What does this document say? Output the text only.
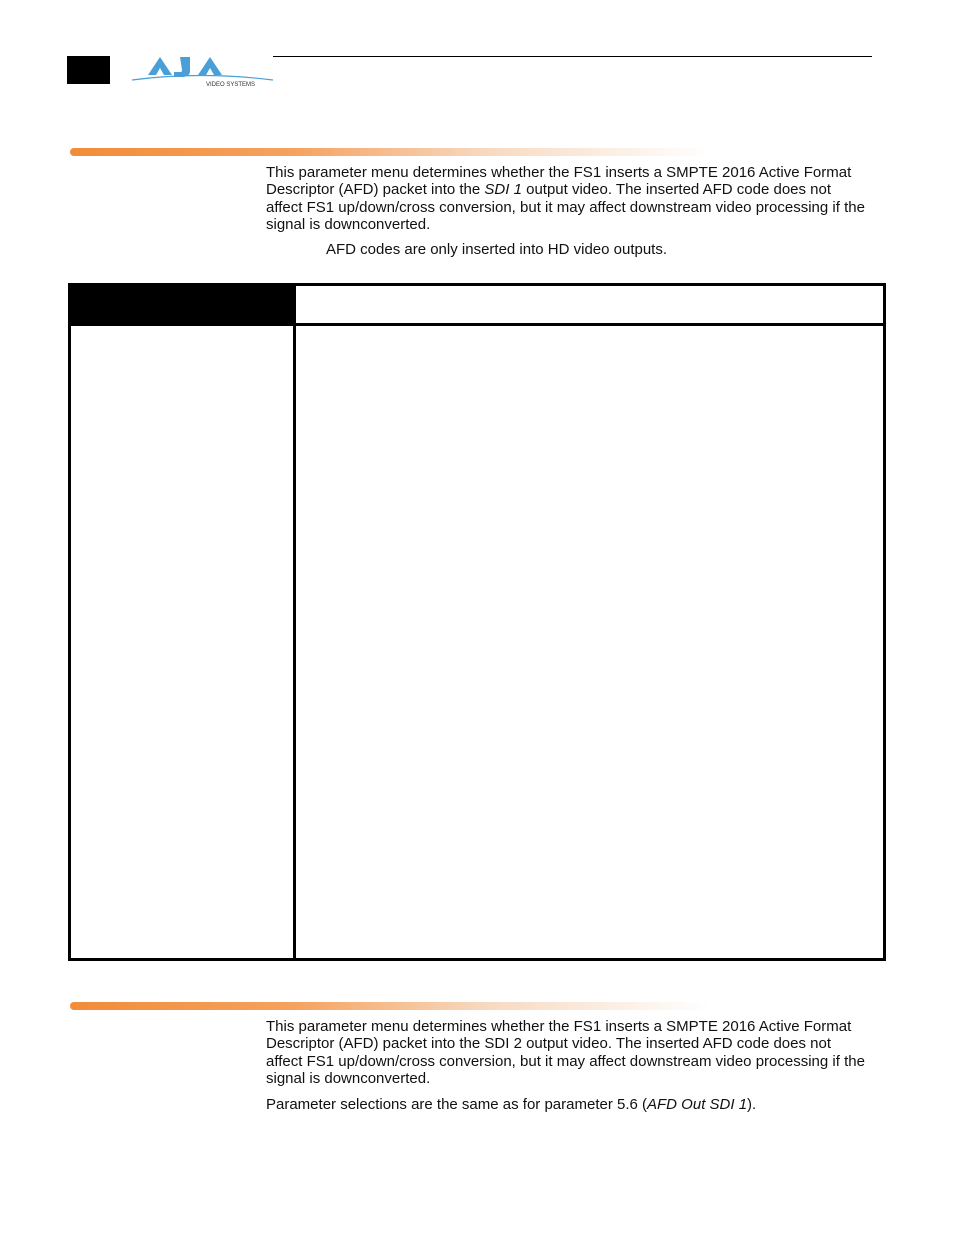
VIDEO SYSTEMS

This parameter menu determines whether the FS1 inserts a SMPTE 2016 Active Format Descriptor (AFD) packet into the SDI 1 output video. The inserted AFD code does not affect FS1 up/down/cross conversion, but it may affect downstream video processing if the signal is downconverted.

AFD codes are only inserted into HD video outputs.

This parameter menu determines whether the FS1 inserts a SMPTE 2016 Active Format Descriptor (AFD) packet into the SDI 2 output video. The inserted AFD code does not affect FS1 up/down/cross conversion, but it may affect downstream video processing if the signal is downconverted.

Parameter selections are the same as for parameter 5.6 (AFD Out SDI 1).
